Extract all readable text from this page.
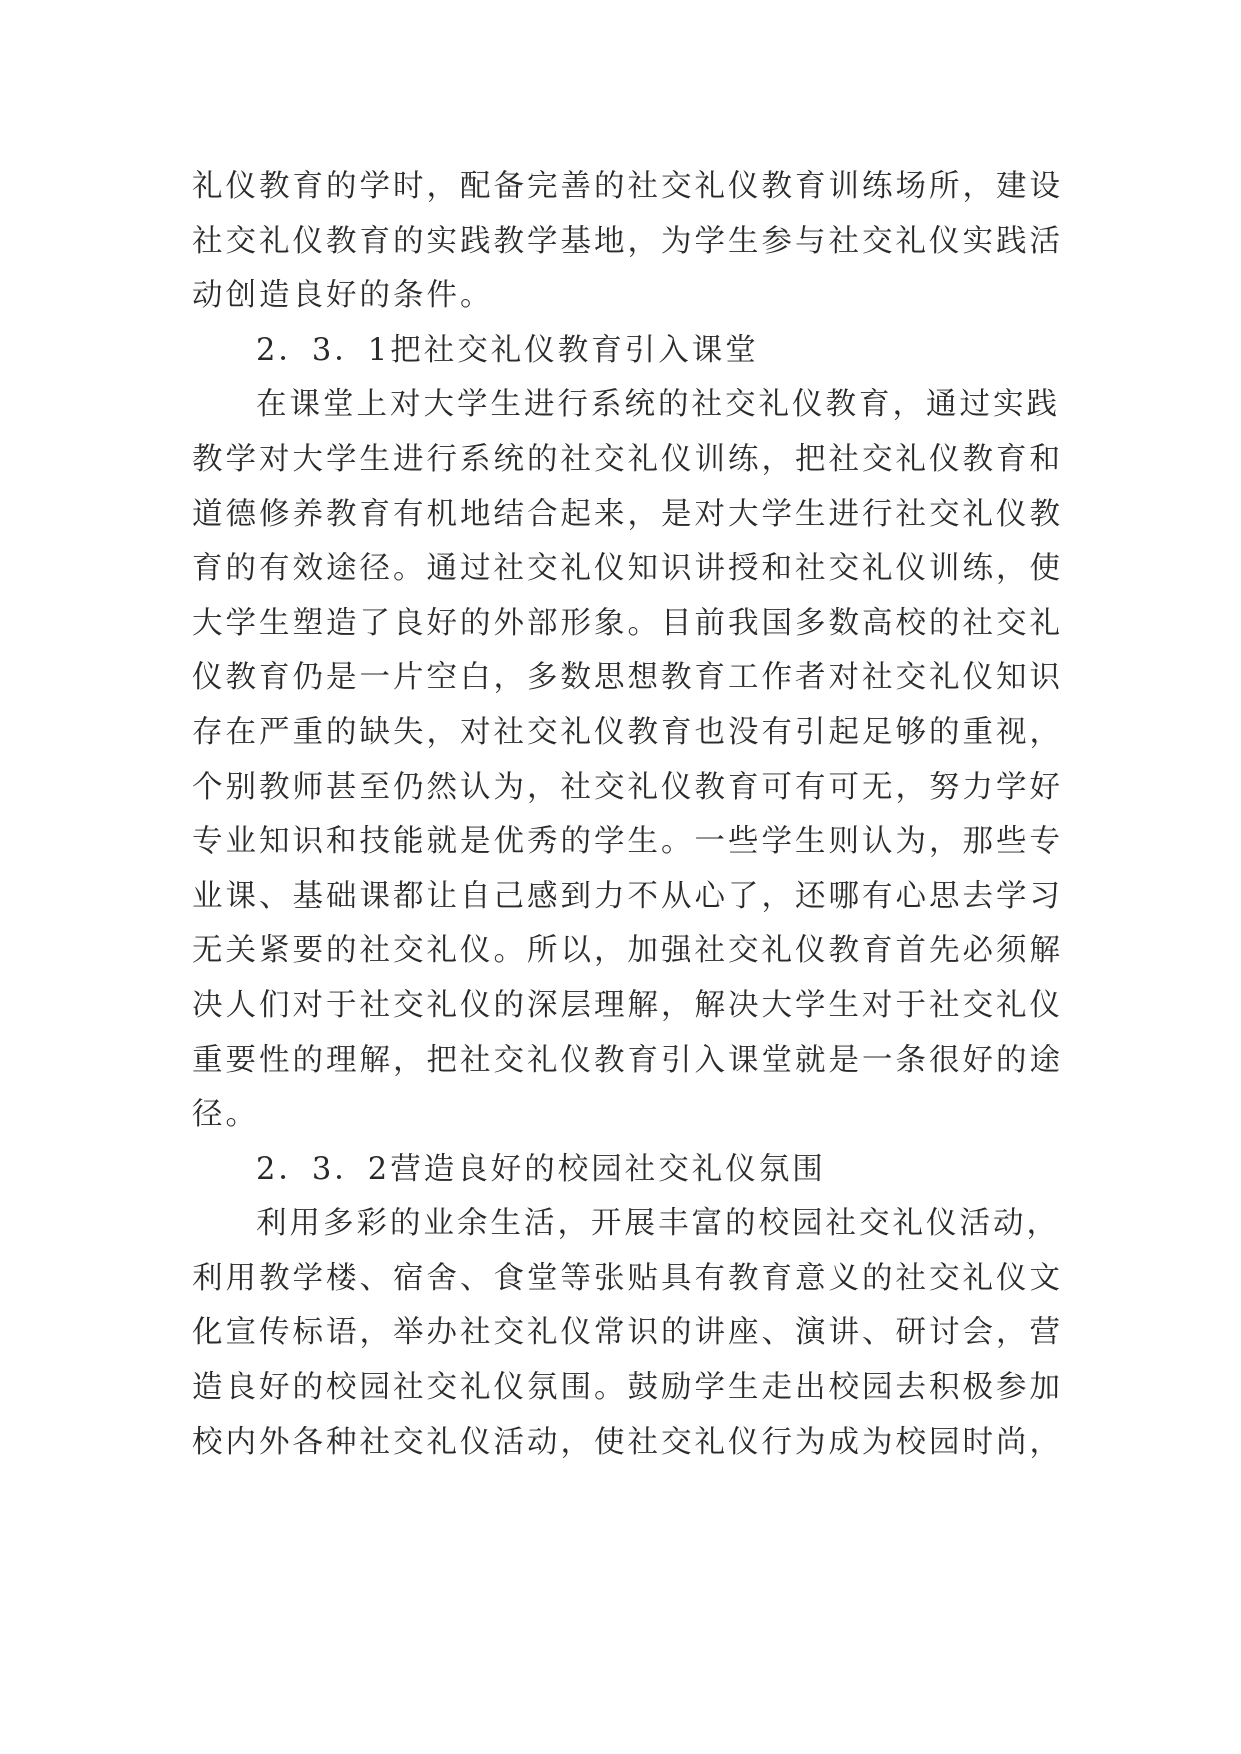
礼仪教育的学时，配备完善的社交礼仪教育训练场所，建设
社交礼仪教育的实践教学基地，为学生参与社交礼仪实践活
动创造良好的条件。
2．3．1把社交礼仪教育引入课堂
在课堂上对大学生进行系统的社交礼仪教育，通过实践
教学对大学生进行系统的社交礼仪训练，把社交礼仪教育和
道德修养教育有机地结合起来，是对大学生进行社交礼仪教
育的有效途径。通过社交礼仪知识讲授和社交礼仪训练，使
大学生塑造了良好的外部形象。目前我国多数高校的社交礼
仪教育仍是一片空白，多数思想教育工作者对社交礼仪知识
存在严重的缺失，对社交礼仪教育也没有引起足够的重视，
个别教师甚至仍然认为，社交礼仪教育可有可无，努力学好
专业知识和技能就是优秀的学生。一些学生则认为，那些专
业课、基础课都让自己感到力不从心了，还哪有心思去学习
无关紧要的社交礼仪。所以，加强社交礼仪教育首先必须解
决人们对于社交礼仪的深层理解，解决大学生对于社交礼仪
重要性的理解，把社交礼仪教育引入课堂就是一条很好的途
径。
2．3．2营造良好的校园社交礼仪氛围
利用多彩的业余生活，开展丰富的校园社交礼仪活动，
利用教学楼、宿舍、食堂等张贴具有教育意义的社交礼仪文
化宣传标语，举办社交礼仪常识的讲座、演讲、研讨会，营
造良好的校园社交礼仪氛围。鼓励学生走出校园去积极参加
校内外各种社交礼仪活动，使社交礼仪行为成为校园时尚，
